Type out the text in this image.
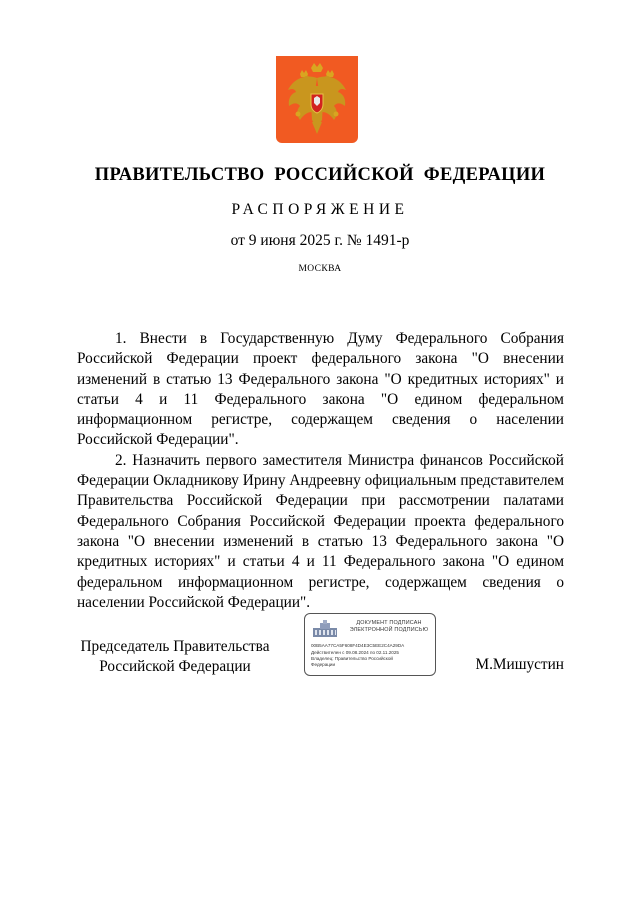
ПРАВИТЕЛЬСТВО РОССИЙСКОЙ ФЕДЕРАЦИИ
РАСПОРЯЖЕНИЕ
от 9 июня 2025 г. № 1491-р
МОСКВА

1. Внести в Государственную Думу Федерального Собрания Российской Федерации проект федерального закона "О внесении изменений в статью 13 Федерального закона "О кредитных историях" и статьи 4 и 11 Федерального закона "О едином федеральном информационном регистре, содержащем сведения о населении Российской Федерации".

2. Назначить первого заместителя Министра финансов Российской Федерации Окладникову Ирину Андреевну официальным представителем Правительства Российской Федерации при рассмотрении палатами Федерального Собрания Российской Федерации проекта федерального закона "О внесении изменений в статью 13 Федерального закона "О кредитных историях" и статьи 4 и 11 Федерального закона "О едином федеральном информационном регистре, содержащем сведения о населении Российской Федерации".

Председатель Правительства
Российской Федерации
ДОКУМЕНТ ПОДПИСАН
ЭЛЕКТРОННОЙ ПОДПИСЬЮ
00B5AA77CA5F608F4D4E3C5EE2C4A29DA
Действителен с 09.08.2024 по 02.11.2025
Владелец: Правительство Российской
Федерации	М.Мишустин
